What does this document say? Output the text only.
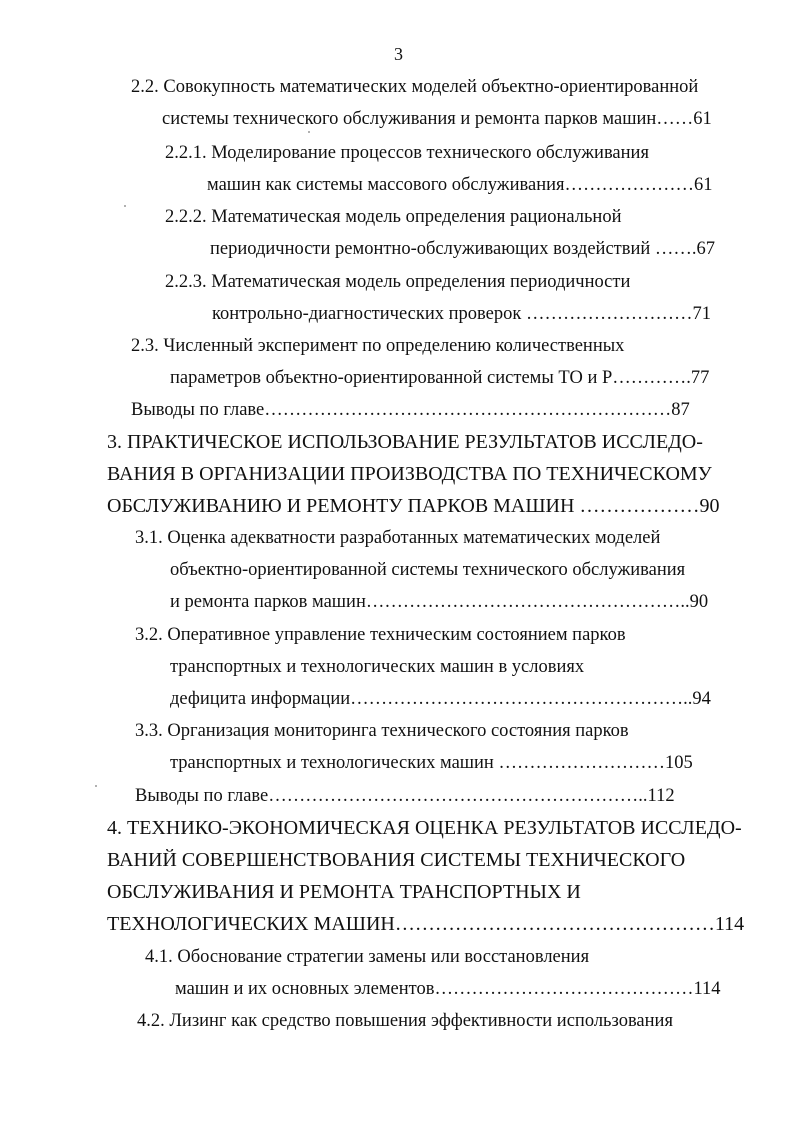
3
2.2. Совокупность математических моделей объектно-ориентированной
системы технического обслуживания и ремонта парков машин……61
2.2.1. Моделирование процессов технического обслуживания
машин как системы массового обслуживания…………………61
2.2.2. Математическая модель определения рациональной
периодичности ремонтно-обслуживающих воздействий …….67
2.2.3. Математическая модель определения периодичности
контрольно-диагностических проверок ………………………71
2.3. Численный эксперимент по определению количественных
параметров объектно-ориентированной системы ТО и Р………….77
Выводы по главе…………………………………………………………87
3. ПРАКТИЧЕСКОЕ ИСПОЛЬЗОВАНИЕ РЕЗУЛЬТАТОВ ИССЛЕДО-
ВАНИЯ В ОРГАНИЗАЦИИ ПРОИЗВОДСТВА ПО ТЕХНИЧЕСКОМУ
ОБСЛУЖИВАНИЮ И РЕМОНТУ ПАРКОВ МАШИН ………………90
3.1. Оценка адекватности разработанных математических моделей
объектно-ориентированной системы технического обслуживания
и ремонта парков машин……………………………………………..90
3.2. Оперативное управление техническим состоянием парков
транспортных и технологических машин в условиях
дефицита информации………………………………………………..94
3.3. Организация мониторинга технического состояния парков
транспортных и технологических машин ………………………105
Выводы по главе……………………………………………………..112
4. ТЕХНИКО-ЭКОНОМИЧЕСКАЯ ОЦЕНКА РЕЗУЛЬТАТОВ ИССЛЕДО-
ВАНИЙ СОВЕРШЕНСТВОВАНИЯ СИСТЕМЫ ТЕХНИЧЕСКОГО
ОБСЛУЖИВАНИЯ И РЕМОНТА ТРАНСПОРТНЫХ И
ТЕХНОЛОГИЧЕСКИХ МАШИН…………………………………………114
4.1. Обоснование стратегии замены или восстановления
машин и их основных элементов……………………………………114
4.2. Лизинг как средство повышения эффективности использования
